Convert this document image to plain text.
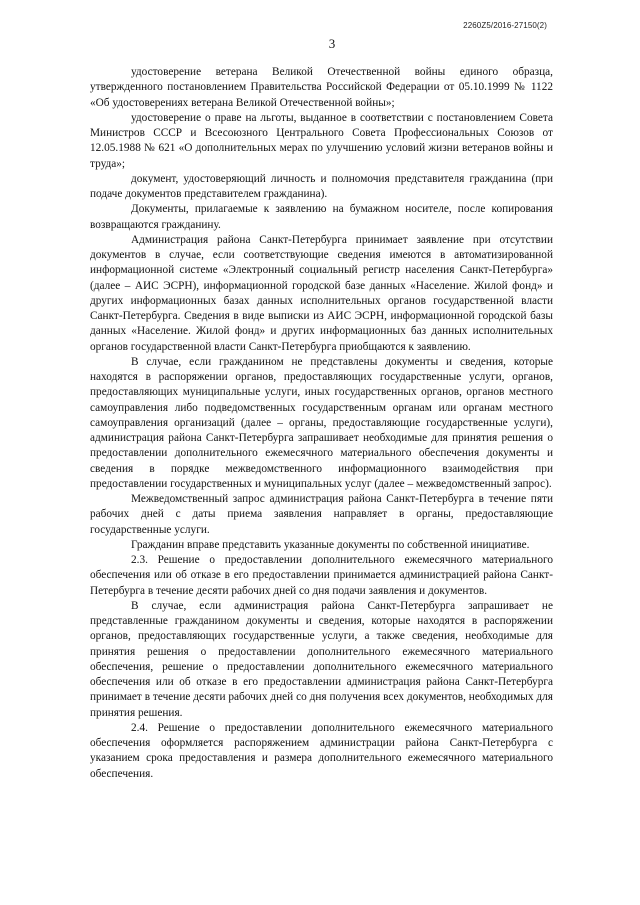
2260Z5/2016-27150(2)
3

удостоверение ветерана Великой Отечественной войны единого образца, утвержденного постановлением Правительства Российской Федерации от 05.10.1999 № 1122 «Об удостоверениях ветерана Великой Отечественной войны»;

удостоверение о праве на льготы, выданное в соответствии с постановлением Совета Министров СССР и Всесоюзного Центрального Совета Профессиональных Союзов от 12.05.1988 № 621 «О дополнительных мерах по улучшению условий жизни ветеранов войны и труда»;

документ, удостоверяющий личность и полномочия представителя гражданина (при подаче документов представителем гражданина).

Документы, прилагаемые к заявлению на бумажном носителе, после копирования возвращаются гражданину.

Администрация района Санкт-Петербурга принимает заявление при отсутствии документов в случае, если соответствующие сведения имеются в автоматизированной информационной системе «Электронный социальный регистр населения Санкт-Петербурга» (далее – АИС ЭСРН), информационной городской базе данных «Население. Жилой фонд» и других информационных базах данных исполнительных органов государственной власти Санкт-Петербурга. Сведения в виде выписки из АИС ЭСРН, информационной городской базы данных «Население. Жилой фонд» и других информационных баз данных исполнительных органов государственной власти Санкт-Петербурга приобщаются к заявлению.

В случае, если гражданином не представлены документы и сведения, которые находятся в распоряжении органов, предоставляющих государственные услуги, органов, предоставляющих муниципальные услуги, иных государственных органов, органов местного самоуправления либо подведомственных государственным органам или органам местного самоуправления организаций (далее – органы, предоставляющие государственные услуги), администрация района Санкт-Петербурга запрашивает необходимые для принятия решения о предоставлении дополнительного ежемесячного материального обеспечения документы и сведения в порядке межведомственного информационного взаимодействия при предоставлении государственных и муниципальных услуг (далее – межведомственный запрос).

Межведомственный запрос администрация района Санкт-Петербурга в течение пяти рабочих дней с даты приема заявления направляет в органы, предоставляющие государственные услуги.

Гражданин вправе представить указанные документы по собственной инициативе.

2.3. Решение о предоставлении дополнительного ежемесячного материального обеспечения или об отказе в его предоставлении принимается администрацией района Санкт-Петербурга в течение десяти рабочих дней со дня подачи заявления и документов.

В случае, если администрация района Санкт-Петербурга запрашивает не представленные гражданином документы и сведения, которые находятся в распоряжении органов, предоставляющих государственные услуги, а также сведения, необходимые для принятия решения о предоставлении дополнительного ежемесячного материального обеспечения, решение о предоставлении дополнительного ежемесячного материального обеспечения или об отказе в его предоставлении администрация района Санкт-Петербурга принимает в течение десяти рабочих дней со дня получения всех документов, необходимых для принятия решения.

2.4. Решение о предоставлении дополнительного ежемесячного материального обеспечения оформляется распоряжением администрации района Санкт-Петербурга с указанием срока предоставления и размера дополнительного ежемесячного материального обеспечения.
